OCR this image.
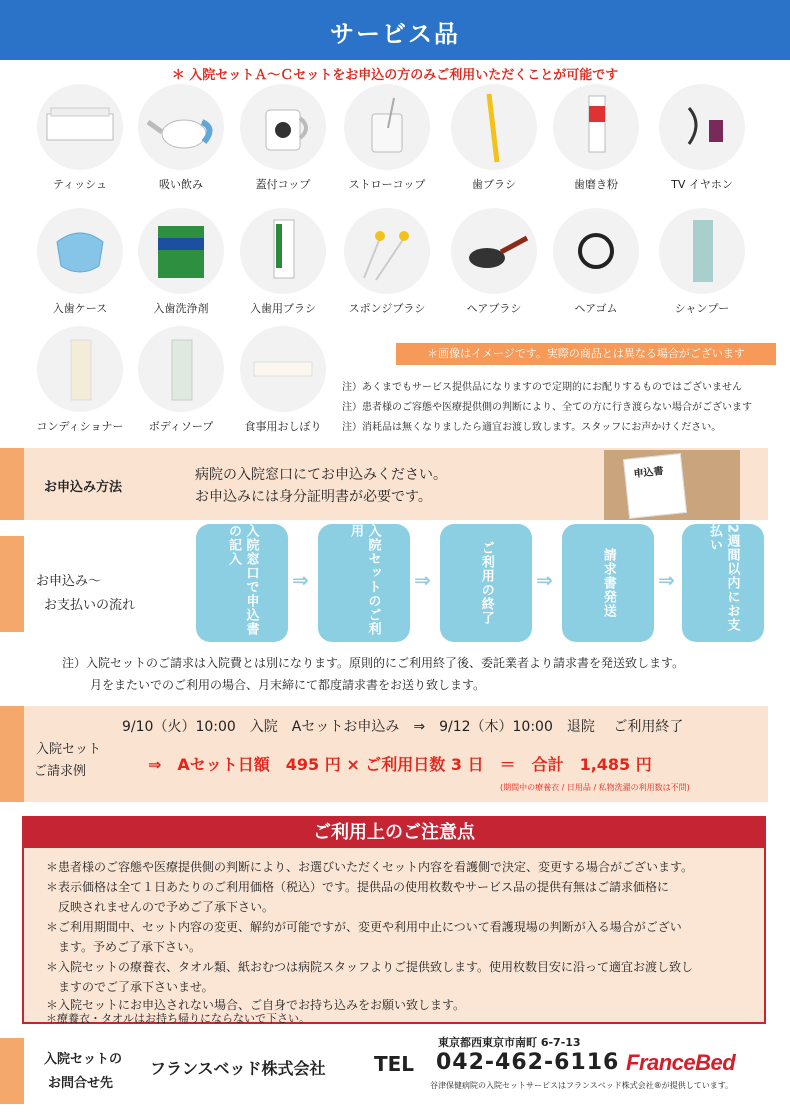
サービス品
＊ 入院セットＡ～Ｃセットをお申込の方のみご利用いただくことが可能です
ティッシュ	吸い飲み	蓋付コップ	ストローコップ	歯ブラシ	歯磨き粉	TV イヤホン
入歯ケース	入歯洗浄剤	入歯用ブラシ	スポンジブラシ	ヘアブラシ	ヘアゴム	シャンプー
コンディショナー	ボディソープ	食事用おしぼり
＊画像はイメージです。実際の商品とは異なる場合がございます
注）あくまでもサービス提供品になりますので定期的にお配りするものではございません
注）患者様のご容態や医療提供側の判断により、全ての方に行き渡らない場合がございます
注）消耗品は無くなりましたら適宜お渡し致します。スタッフにお声かけください。
お申込み方法
病院の入院窓口にてお申込みください。
お申込みには身分証明書が必要です。
申込書
お申込み～
お支払いの流れ	入院窓口で申込書の記入
⇒	入院セットのご利用
⇒	ご利用の終了	⇒	請求書発送	⇒	2週間以内にお支払い
注）入院セットのご請求は入院費とは別になります。原則的にご利用終了後、委託業者より請求書を発送致します。
月をまたいでのご利用の場合、月末締にて都度請求書をお送り致します。
入院セット
ご請求例
9/10（火）10:00　入院　Aセットお申込み　⇒　9/12（木）10:00　退院　 ご利用終了
⇒　Aセット日額　495 円 × ご利用日数 3 日　＝　合計　1,485 円
(期間中の療養衣 / 日用品 / 私物洗濯の利用数は不問)
ご利用上のご注意点
＊患者様のご容態や医療提供側の判断により、お選びいただくセット内容を看護側で決定、変更する場合がございます。
＊表示価格は全て１日あたりのご利用価格（税込）です。提供品の使用枚数やサービス品の提供有無はご請求価格に
　反映されませんので予めご了承下さい。
＊ご利用期間中、セット内容の変更、解約が可能ですが、変更や利用中止について看護現場の判断が入る場合がござい
　ます。予めご了承下さい。
＊入院セットの療養衣、タオル類、紙おむつは病院スタッフよりご提供致します。使用枚数目安に沿って適宜お渡し致し
　ますのでご了承下さいませ。
＊入院セットにお申込されない場合、ご自身でお持ち込みをお願い致します。
＊療養衣・タオルはお持ち帰りにならないで下さい。
入院セットの
お問合せ先
東京都西東京市南町 6-7-13
フランスベッド株式会社 TEL 042-462-6116 FranceBed
谷津保健病院の入院セットサービスはフランスベッド株式会社®が提供しています。
